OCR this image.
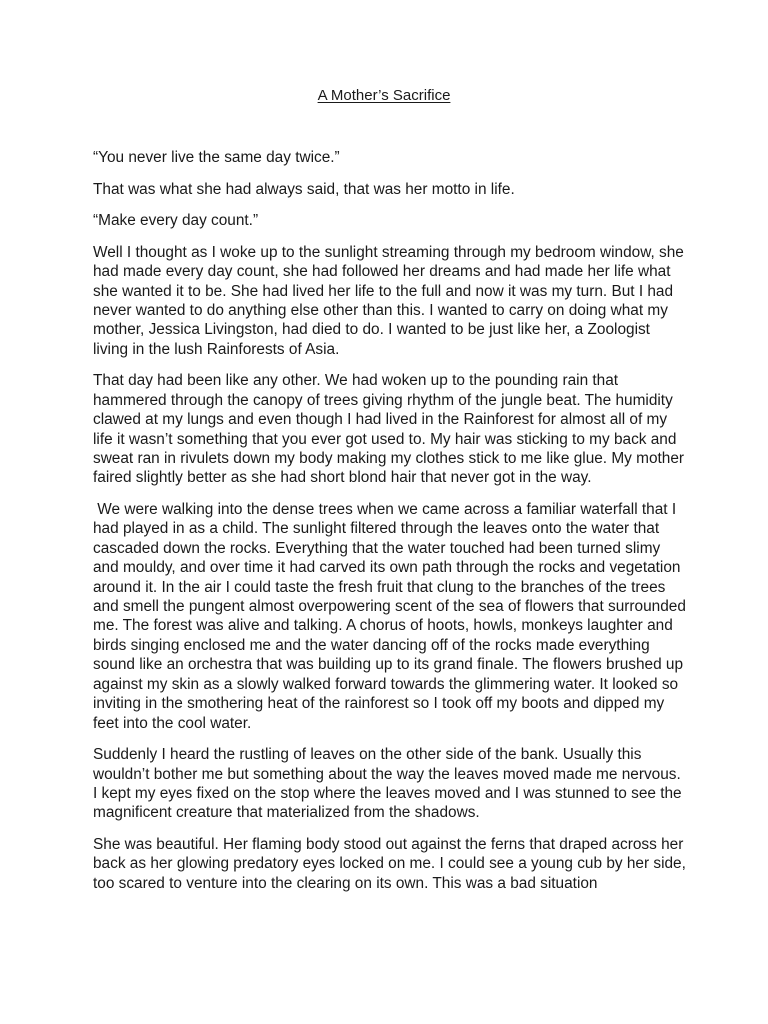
A Mother’s Sacrifice

“You never live the same day twice.”

That was what she had always said, that was her motto in life.

“Make every day count.”

Well I thought as I woke up to the sunlight streaming through my bedroom window, she had made every day count, she had followed her dreams and had made her life what she wanted it to be. She had lived her life to the full and now it was my turn. But I had never wanted to do anything else other than this. I wanted to carry on doing what my mother, Jessica Livingston, had died to do. I wanted to be just like her, a Zoologist living in the lush Rainforests of Asia.

That day had been like any other. We had woken up to the pounding rain that hammered through the canopy of trees giving rhythm of the jungle beat. The humidity clawed at my lungs and even though I had lived in the Rainforest for almost all of my life it wasn’t something that you ever got used to. My hair was sticking to my back and sweat ran in rivulets down my body making my clothes stick to me like glue. My mother faired slightly better as she had short blond hair that never got in the way.

We were walking into the dense trees when we came across a familiar waterfall that I had played in as a child. The sunlight filtered through the leaves onto the water that cascaded down the rocks. Everything that the water touched had been turned slimy and mouldy, and over time it had carved its own path through the rocks and vegetation around it. In the air I could taste the fresh fruit that clung to the branches of the trees and smell the pungent almost overpowering scent of the sea of flowers that surrounded me. The forest was alive and talking. A chorus of hoots, howls, monkeys laughter and birds singing enclosed me and the water dancing off of the rocks made everything sound like an orchestra that was building up to its grand finale. The flowers brushed up against my skin as a slowly walked forward towards the glimmering water. It looked so inviting in the smothering heat of the rainforest so I took off my boots and dipped my feet into the cool water.

Suddenly I heard the rustling of leaves on the other side of the bank. Usually this wouldn’t bother me but something about the way the leaves moved made me nervous. I kept my eyes fixed on the stop where the leaves moved and I was stunned to see the magnificent creature that materialized from the shadows.

She was beautiful. Her flaming body stood out against the ferns that draped across her back as her glowing predatory eyes locked on me. I could see a young cub by her side, too scared to venture into the clearing on its own. This was a bad situation
